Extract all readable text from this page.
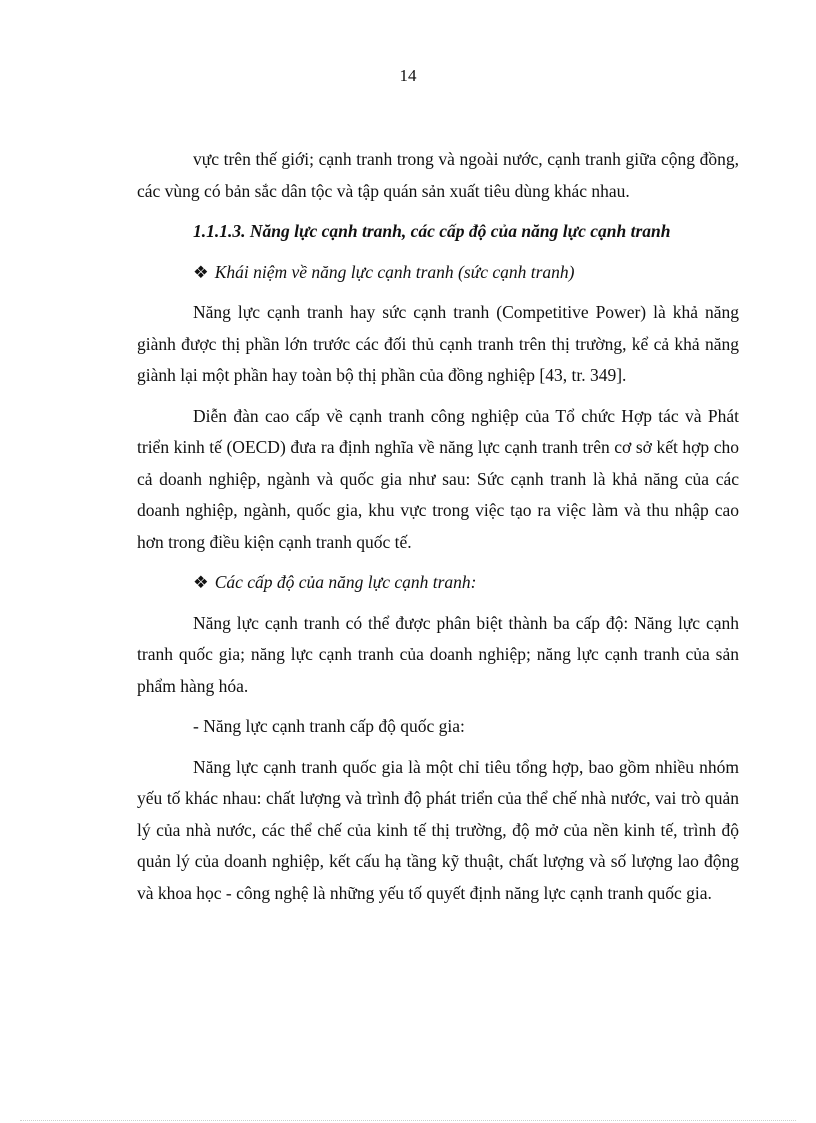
14

vực trên thế giới; cạnh tranh trong và ngoài nước, cạnh tranh giữa cộng đồng, các vùng có bản sắc dân tộc và tập quán sản xuất tiêu dùng khác nhau.

1.1.1.3. Năng lực cạnh tranh, các cấp độ của năng lực cạnh tranh

❖ Khái niệm về năng lực cạnh tranh (sức cạnh tranh)

Năng lực cạnh tranh hay sức cạnh tranh (Competitive Power) là khả năng giành được thị phần lớn trước các đối thủ cạnh tranh trên thị trường, kể cả khả năng giành lại một phần hay toàn bộ thị phần của đồng nghiệp [43, tr. 349].

Diễn đàn cao cấp về cạnh tranh công nghiệp của Tổ chức Hợp tác và Phát triển kinh tế (OECD) đưa ra định nghĩa về năng lực cạnh tranh trên cơ sở kết hợp cho cả doanh nghiệp, ngành và quốc gia như sau: Sức cạnh tranh là khả năng của các doanh nghiệp, ngành, quốc gia, khu vực trong việc tạo ra việc làm và thu nhập cao hơn trong điều kiện cạnh tranh quốc tế.

❖ Các cấp độ của năng lực cạnh tranh:

Năng lực cạnh tranh có thể được phân biệt thành ba cấp độ: Năng lực cạnh tranh quốc gia; năng lực cạnh tranh của doanh nghiệp; năng lực cạnh tranh của sản phẩm hàng hóa.

- Năng lực cạnh tranh cấp độ quốc gia:

Năng lực cạnh tranh quốc gia là một chỉ tiêu tổng hợp, bao gồm nhiều nhóm yếu tố khác nhau: chất lượng và trình độ phát triển của thể chế nhà nước, vai trò quản lý của nhà nước, các thể chế của kinh tế thị trường, độ mở của nền kinh tế, trình độ quản lý của doanh nghiệp, kết cấu hạ tầng kỹ thuật, chất lượng và số lượng lao động và khoa học - công nghệ là những yếu tố quyết định năng lực cạnh tranh quốc gia.
